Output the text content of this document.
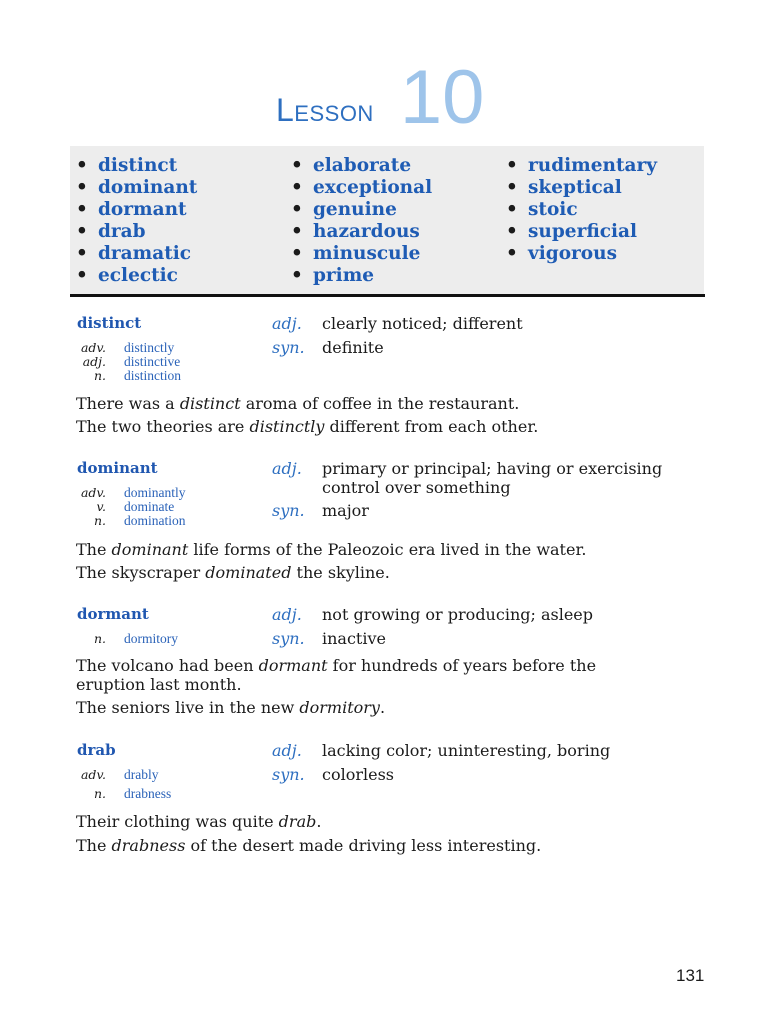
Lesson 10
• distinct
• dominant
• dormant
• drab
• dramatic
• eclectic
• elaborate
• exceptional
• genuine
• hazardous
• minuscule
• prime
• rudimentary
• skeptical
• stoic
• superficial
• vigorous
distinct	adj. clearly noticed; different
adv. distinctly
adj. distinctive
n. distinction
syn. definite

There was a distinct aroma of coffee in the restaurant.

The two theories are distinctly different from each other.

dominant	adj. primary or principal; having or exercising control over something
adv. dominantly
v. dominate
n. domination
syn. major

The dominant life forms of the Paleozoic era lived in the water.

The skyscraper dominated the skyline.

dormant	adj. not growing or producing; asleep
n. dormitory	syn. inactive

The volcano had been dormant for hundreds of years before the eruption last month.

The seniors live in the new dormitory.

drab	adj. lacking color; uninteresting, boring
adv. drably
n. drabness
syn. colorless

Their clothing was quite drab.

The drabness of the desert made driving less interesting.

131
